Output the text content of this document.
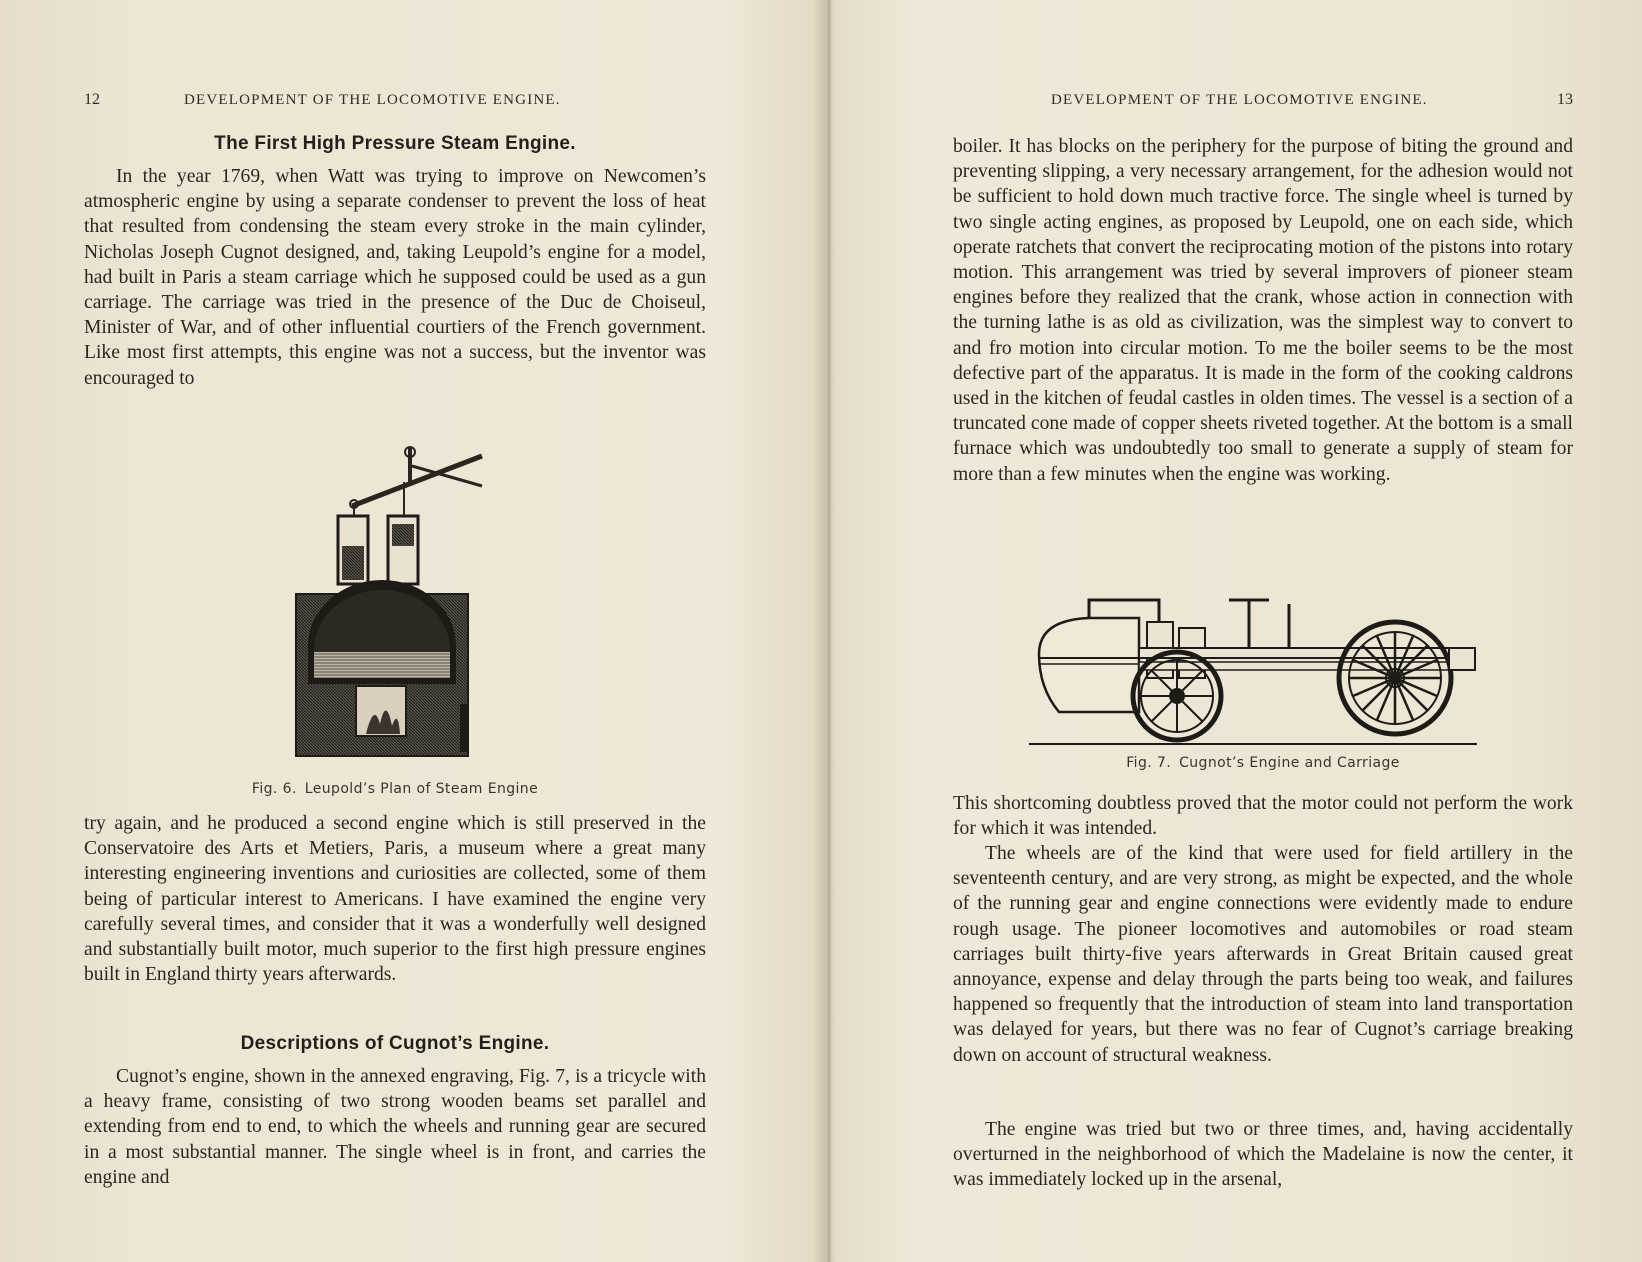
12	DEVELOPMENT OF THE LOCOMOTIVE ENGINE.
The First High Pressure Steam Engine.

In the year 1769, when Watt was trying to improve on Newcomen’s atmospheric engine by using a separate condenser to prevent the loss of heat that resulted from condensing the steam every stroke in the main cylinder, Nicholas Joseph Cugnot designed, and, taking Leupold’s engine for a model, had built in Paris a steam carriage which he supposed could be used as a gun carriage. The carriage was tried in the presence of the Duc de Choiseul, Minister of War, and of other influential courtiers of the French government. Like most first attempts, this engine was not a success, but the inventor was encouraged to

Fig. 6. Leupold’s Plan of Steam Engine

try again, and he produced a second engine which is still preserved in the Conservatoire des Arts et Metiers, Paris, a museum where a great many interesting engineering inventions and curiosities are collected, some of them being of particular interest to Americans. I have examined the engine very carefully several times, and consider that it was a wonderfully well designed and substantially built motor, much superior to the first high pressure engines built in England thirty years afterwards.

Descriptions of Cugnot’s Engine.

Cugnot’s engine, shown in the annexed engraving, Fig. 7, is a tricycle with a heavy frame, consisting of two strong wooden beams set parallel and extending from end to end, to which the wheels and running gear are secured in a most substantial manner. The single wheel is in front, and carries the engine and

DEVELOPMENT OF THE LOCOMOTIVE ENGINE.	13

boiler. It has blocks on the periphery for the purpose of biting the ground and preventing slipping, a very necessary arrangement, for the adhesion would not be sufficient to hold down much tractive force. The single wheel is turned by two single acting engines, as proposed by Leupold, one on each side, which operate ratchets that convert the reciprocating motion of the pistons into rotary motion. This arrangement was tried by several improvers of pioneer steam engines before they realized that the crank, whose action in connection with the turning lathe is as old as civilization, was the simplest way to convert to and fro motion into circular motion. To me the boiler seems to be the most defective part of the apparatus. It is made in the form of the cooking caldrons used in the kitchen of feudal castles in olden times. The vessel is a section of a truncated cone made of copper sheets riveted together. At the bottom is a small furnace which was undoubtedly too small to generate a supply of steam for more than a few minutes when the engine was working.

Fig. 7. Cugnot’s Engine and Carriage

This shortcoming doubtless proved that the motor could not perform the work for which it was intended.

The wheels are of the kind that were used for field artillery in the seventeenth century, and are very strong, as might be expected, and the whole of the running gear and engine connections were evidently made to endure rough usage. The pioneer locomotives and automobiles or road steam carriages built thirty-five years afterwards in Great Britain caused great annoyance, expense and delay through the parts being too weak, and failures happened so frequently that the introduction of steam into land transportation was delayed for years, but there was no fear of Cugnot’s carriage breaking down on account of structural weakness.

The engine was tried but two or three times, and, having accidentally overturned in the neighborhood of which the Madelaine is now the center, it was immediately locked up in the arsenal,
